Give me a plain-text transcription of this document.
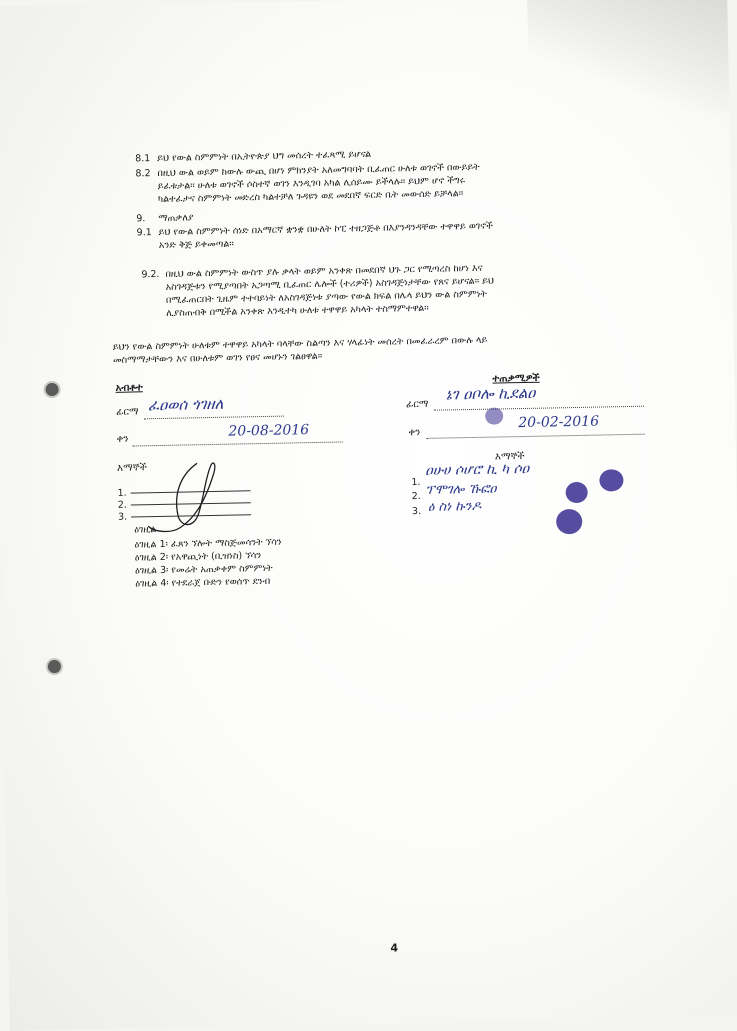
8.1 ይህ የውል ስምምነት በኢትዮጵያ ህግ መሰረት ተፈጻሚ ይሆናል
8.2 በዚህ ውል ወይም ከውሉ ውጪ በሆነ ምክንያት አለመግባባት ቢፈጠር ሁለቱ ወገኖች በውይይት
ይፈቱታል፡፡ ሁለቱ ወገኖች ሶስተኛ ወገን እንዲገባ አካል ሊሰይሙ ይችላሉ፡፡ ይህም ሆኖ ችግሩ
ካልተፈታና ስምምነት መድረስ ካልተቻለ ጉዳዩን ወደ መደበኛ ፍርድ ቤት መውሰድ ይቻላል፡፡
9. ማጠቃለያ
9.1 ይህ የውል ስምምነት ሰነድ በአማርኛ ቋንቋ በሁለት ኮፒ ተዘጋጅቶ በእያንዳንዳቸው ተዋዋይ ወገኖች
አንድ ቅጅ ይቀመጣል፡፡
9.2. በዚህ ውል ስምምነት ውስጥ ያሉ ቃላት ወይም አንቀጽ በመደበኛ ህጉ ጋር የሚጣረስ ከሆነ እና
አስገዳጅቱን የሚያጣበት አጋጣሚ ቢፈጠር ሌሎች (ተሪዎች) አስገዳጅነታቸው የጸና ይሆናል፡፡ ይህ
በሚፈጠርበት ጊዜም ተተባይነት ለአስገዳጅነቱ ያጣው የውል ክፍል በሌላ ይህን ውል ስምምነት
ሊያስጠብቅ በሚችል አንቀጽ እንዲተካ ሁለቱ ተዋዋይ አካላት ተስማምተዋል፡፡
ይህን የውል ስምምነት ሁለቱም ተዋዋይ አካላት ባላቸው ስልጣን እና ሃላፊነት መሰረት በመፈራረም በውሉ ላይ
መስማማታቸውን እና በሁለቱም ወገን የፀና መሆኑን ገልፀዋል፡፡
አብቶተ
ፊርማ ፈዐወሰ ጎገዘለ
ቀን	20-08-2016
ተጠቃሚዎች
ፊርማ
ኔገ ዐቦሎ ኪደልዐ
ቀን
20-02-2016
እማኞች
1.
2.
3.
እማኞች
1.
2.
3.
ዐሁሀ ሶሆሮ ኪ ካ ሶዐ
ፕሞገሎ ኹፎዐ
ዕ ስነ ኩንዶ
ዕገዚል
ዕገዚል 1፡ ፈጸን ኘሎት ማስጅመሳንት ኘሳን
ዕገዚል 2፡ የአዋጪነት (ቢዝነስ) ኘሳን
ዕገዚል 3፡ የመሬት አጠቃቀም ስምምነት
ዕገዚል 4፡ የተደራጀ ቡድን የወሰጥ ደንብ
4
